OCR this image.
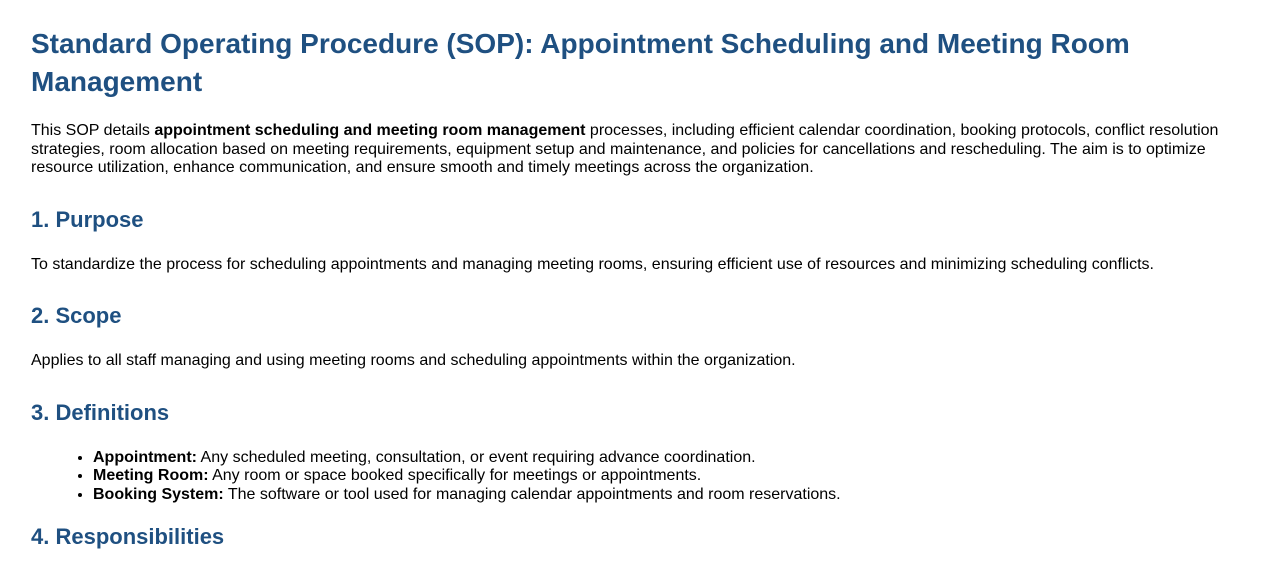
Standard Operating Procedure (SOP): Appointment Scheduling and Meeting Room Management

This SOP details appointment scheduling and meeting room management processes, including efficient calendar coordination, booking protocols, conflict resolution strategies, room allocation based on meeting requirements, equipment setup and maintenance, and policies for cancellations and rescheduling. The aim is to optimize resource utilization, enhance communication, and ensure smooth and timely meetings across the organization.

1. Purpose

To standardize the process for scheduling appointments and managing meeting rooms, ensuring efficient use of resources and minimizing scheduling conflicts.

2. Scope

Applies to all staff managing and using meeting rooms and scheduling appointments within the organization.

3. Definitions
• Appointment: Any scheduled meeting, consultation, or event requiring advance coordination.
• Meeting Room: Any room or space booked specifically for meetings or appointments.
• Booking System: The software or tool used for managing calendar appointments and room reservations.
4. Responsibilities
